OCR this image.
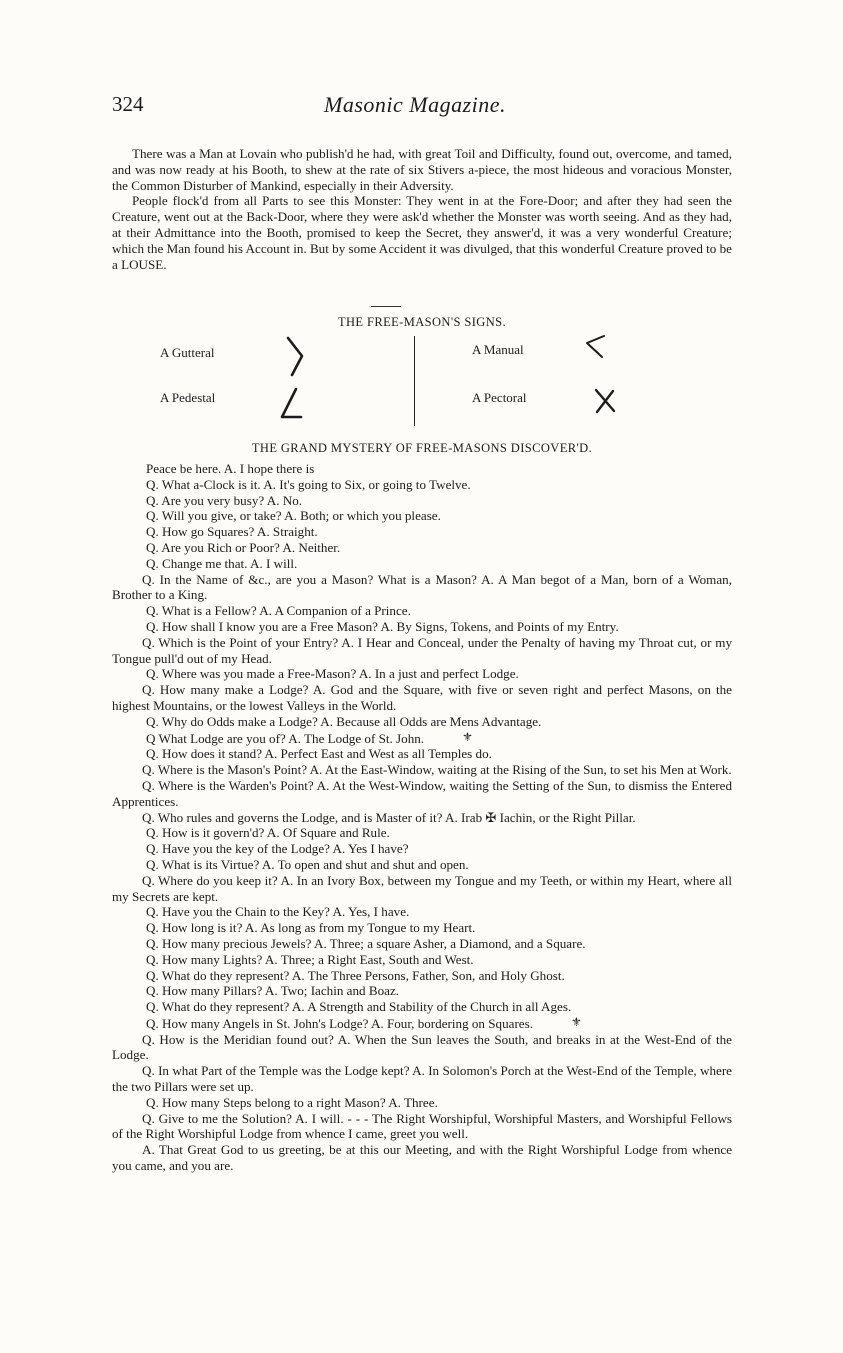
324	Masonic Magazine.

There was a Man at Lovain who publish'd he had, with great Toil and Difficulty, found out, overcome, and tamed, and was now ready at his Booth, to shew at the rate of six Stivers a-piece, the most hideous and voracious Monster, the Common Disturber of Mankind, especially in their Adversity.

People flock'd from all Parts to see this Monster: They went in at the Fore-Door; and after they had seen the Creature, went out at the Back-Door, where they were ask'd whether the Monster was worth seeing. And as they had, at their Admittance into the Booth, promised to keep the Secret, they answer'd, it was a very wonderful Creature; which the Man found his Account in. But by some Accident it was divulged, that this wonderful Creature proved to be a LOUSE.

THE FREE-MASON'S SIGNS.
A Gutteral
A Pedestal
A Manual
A Pectoral
THE GRAND MYSTERY OF FREE-MASONS DISCOVER'D.

Peace be here. A. I hope there is

Q. What a-Clock is it. A. It's going to Six, or going to Twelve.

Q. Are you very busy? A. No.

Q. Will you give, or take? A. Both; or which you please.

Q. How go Squares? A. Straight.

Q. Are you Rich or Poor? A. Neither.

Q. Change me that. A. I will.

Q. In the Name of &c., are you a Mason? What is a Mason? A. A Man begot of a Man, born of a Woman, Brother to a King.

Q. What is a Fellow? A. A Companion of a Prince.

Q. How shall I know you are a Free Mason? A. By Signs, Tokens, and Points of my Entry.

Q. Which is the Point of your Entry? A. I Hear and Conceal, under the Penalty of having my Throat cut, or my Tongue pull'd out of my Head.

Q. Where was you made a Free-Mason? A. In a just and perfect Lodge.

Q. How many make a Lodge? A. God and the Square, with five or seven right and perfect Masons, on the highest Mountains, or the lowest Valleys in the World.

Q. Why do Odds make a Lodge? A. Because all Odds are Mens Advantage.

Q What Lodge are you of? A. The Lodge of St. John.	⚜

Q. How does it stand? A. Perfect East and West as all Temples do.

Q. Where is the Mason's Point? A. At the East-Window, waiting at the Rising of the Sun, to set his Men at Work.

Q. Where is the Warden's Point? A. At the West-Window, waiting the Setting of the Sun, to dismiss the Entered Apprentices.

Q. Who rules and governs the Lodge, and is Master of it? A. Irab ✠ Iachin, or the Right Pillar.

Q. How is it govern'd? A. Of Square and Rule.

Q. Have you the key of the Lodge? A. Yes I have?

Q. What is its Virtue? A. To open and shut and shut and open.

Q. Where do you keep it? A. In an Ivory Box, between my Tongue and my Teeth, or within my Heart, where all my Secrets are kept.

Q. Have you the Chain to the Key? A. Yes, I have.

Q. How long is it? A. As long as from my Tongue to my Heart.

Q. How many precious Jewels? A. Three; a square Asher, a Diamond, and a Square.

Q. How many Lights? A. Three; a Right East, South and West.

Q. What do they represent? A. The Three Persons, Father, Son, and Holy Ghost.

Q. How many Pillars? A. Two; Iachin and Boaz.

Q. What do they represent? A. A Strength and Stability of the Church in all Ages.

Q. How many Angels in St. John's Lodge? A. Four, bordering on Squares.	⚜

Q. How is the Meridian found out? A. When the Sun leaves the South, and breaks in at the West-End of the Lodge.

Q. In what Part of the Temple was the Lodge kept? A. In Solomon's Porch at the West-End of the Temple, where the two Pillars were set up.

Q. How many Steps belong to a right Mason? A. Three.

Q. Give to me the Solution? A. I will. - - - The Right Worshipful, Worshipful Masters, and Worshipful Fellows of the Right Worshipful Lodge from whence I came, greet you well.

A. That Great God to us greeting, be at this our Meeting, and with the Right Worshipful Lodge from whence you came, and you are.
